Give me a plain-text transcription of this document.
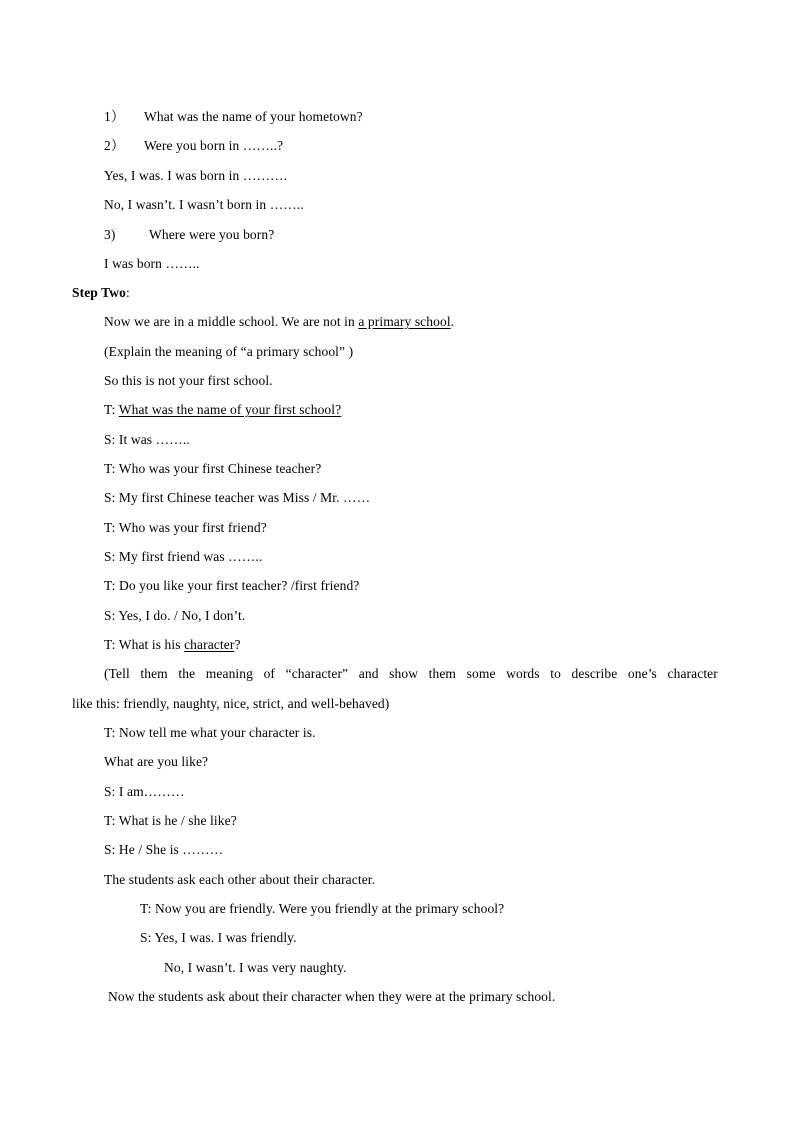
1） What was the name of your hometown?
2） Were you born in ……..?
Yes, I was. I was born in ……….
No, I wasn’t. I wasn’t born in ……..
3) Where were you born?
I was born ……..
Step Two:
Now we are in a middle school. We are not in a primary school.
(Explain the meaning of “a primary school” )
So this is not your first school.
T: What was the name of your first school?
S: It was ……..
T: Who was your first Chinese teacher?
S: My first Chinese teacher was Miss / Mr. ……
T: Who was your first friend?
S: My first friend was ……..
T: Do you like your first teacher? /first friend?
S: Yes, I do. / No, I don’t.
T: What is his character?
(Tell them the meaning of “character” and show them some words to describe one’s character
like this: friendly, naughty, nice, strict, and well-behaved)
T: Now tell me what your character is.
What are you like?
S: I am………
T: What is he / she like?
S: He / She is ………
The students ask each other about their character.
T: Now you are friendly. Were you friendly at the primary school?
S: Yes, I was. I was friendly.
No, I wasn’t. I was very naughty.
Now the students ask about their character when they were at the primary school.
